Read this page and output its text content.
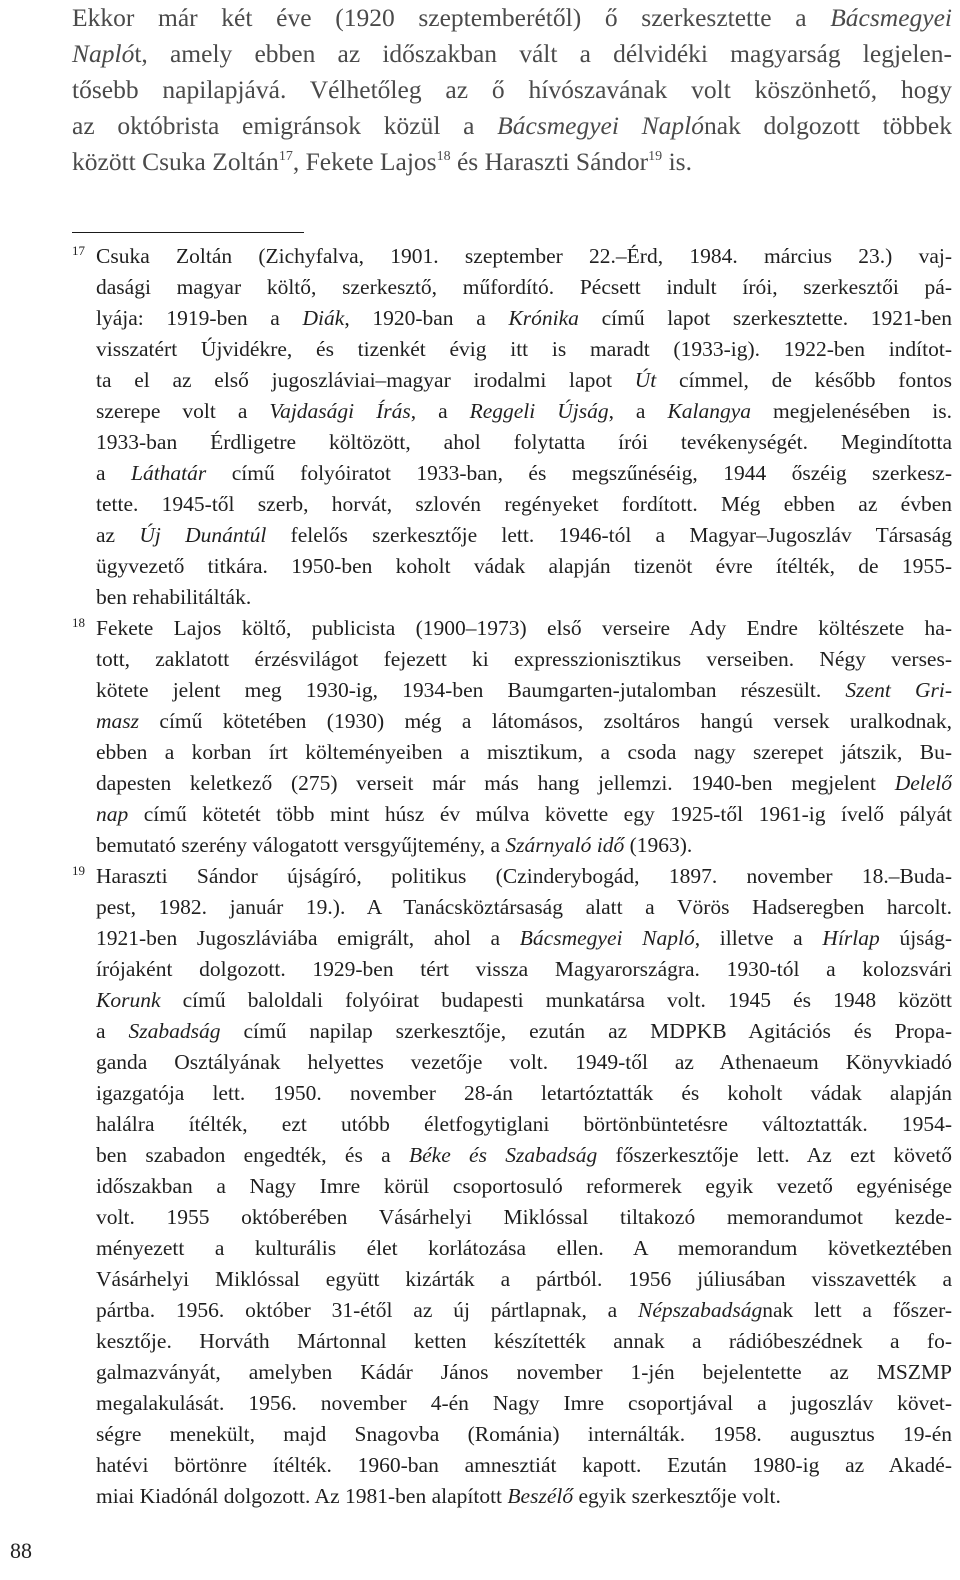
Ekkor már két éve (1920 szeptemberétől) ő szerkesztette a Bácsmegyei
Naplót, amely ebben az időszakban vált a délvidéki magyarság legjelen-
tősebb napilapjává. Vélhetőleg az ő hívószavának volt köszönhető, hogy
az októbrista emigránsok közül a Bácsmegyei Naplónak dolgozott többek
között Csuka Zoltán$^{17}$, Fekete Lajos$^{18}$ és Haraszti Sándor$^{19}$ is.
17 Csuka Zoltán (Zichyfalva, 1901. szeptember 22.–Érd, 1984. március 23.) vaj-
dasági magyar költő, szerkesztő, műfordító. Pécsett indult írói, szerkesztői pá-
lyája: 1919-ben a Diák, 1920-ban a Krónika című lapot szerkesztette. 1921-ben
visszatért Újvidékre, és tizenkét évig itt is maradt (1933-ig). 1922-ben indítot-
ta el az első jugoszláviai–magyar irodalmi lapot Út címmel, de később fontos
szerepe volt a Vajdasági Írás, a Reggeli Újság, a Kalangya megjelenésében is.
1933-ban Érdligetre költözött, ahol folytatta írói tevékenységét. Megindította
a Láthatár című folyóiratot 1933-ban, és megszűnéséig, 1944 őszéig szerkesz-
tette. 1945-től szerb, horvát, szlovén regényeket fordított. Még ebben az évben
az Új Dunántúl felelős szerkesztője lett. 1946-tól a Magyar–Jugoszláv Társaság
ügyvezető titkára. 1950-ben koholt vádak alapján tizenöt évre ítélték, de 1955-
ben rehabilitálták.
18 Fekete Lajos költő, publicista (1900–1973) első verseire Ady Endre költészete ha-
tott, zaklatott érzésvilágot fejezett ki expresszionisztikus verseiben. Négy verses-
kötete jelent meg 1930-ig, 1934-ben Baumgarten-jutalomban részesült. Szent Gri-
masz című kötetében (1930) még a látomásos, zsoltáros hangú versek uralkodnak,
ebben a korban írt költeményeiben a misztikum, a csoda nagy szerepet játszik, Bu-
dapesten keletkező (275) verseit már más hang jellemzi. 1940-ben megjelent Delelő
nap című kötetét több mint húsz év múlva követte egy 1925-től 1961-ig ívelő pályát
bemutató szerény válogatott versgyűjtemény, a Szárnyaló idő (1963).
19 Haraszti Sándor újságíró, politikus (Czinderybogád, 1897. november 18.–Buda-
pest, 1982. január 19.). A Tanácsköztársaság alatt a Vörös Hadseregben harcolt.
1921-ben Jugoszláviába emigrált, ahol a Bácsmegyei Napló, illetve a Hírlap újság-
írójaként dolgozott. 1929-ben tért vissza Magyarországra. 1930-tól a kolozsvári
Korunk című baloldali folyóirat budapesti munkatársa volt. 1945 és 1948 között
a Szabadság című napilap szerkesztője, ezután az MDPKB Agitációs és Propa-
ganda Osztályának helyettes vezetője volt. 1949-től az Athenaeum Könyvkiadó
igazgatója lett. 1950. november 28-án letartóztatták és koholt vádak alapján
halálra ítélték, ezt utóbb életfogytiglani börtönbüntetésre változtatták. 1954-
ben szabadon engedték, és a Béke és Szabadság főszerkesztője lett. Az ezt követő
időszakban a Nagy Imre körül csoportosuló reformerek egyik vezető egyénisége
volt. 1955 októberében Vásárhelyi Miklóssal tiltakozó memorandumot kezde-
ményezett a kulturális élet korlátozása ellen. A memorandum következtében
Vásárhelyi Miklóssal együtt kizárták a pártból. 1956 júliusában visszavették a
pártba. 1956. október 31-étől az új pártlapnak, a Népszabadságnak lett a főszer-
kesztője. Horváth Mártonnal ketten készítették annak a rádióbeszédnek a fo-
galmazványát, amelyben Kádár János november 1-jén bejelentette az MSZMP
megalakulását. 1956. november 4-én Nagy Imre csoportjával a jugoszláv követ-
ségre menekült, majd Snagovba (Románia) internálták. 1958. augusztus 19-én
hatévi börtönre ítélték. 1960-ban amnesztiát kapott. Ezután 1980-ig az Akadé-
miai Kiadónál dolgozott. Az 1981-ben alapított Beszélő egyik szerkesztője volt.
88
